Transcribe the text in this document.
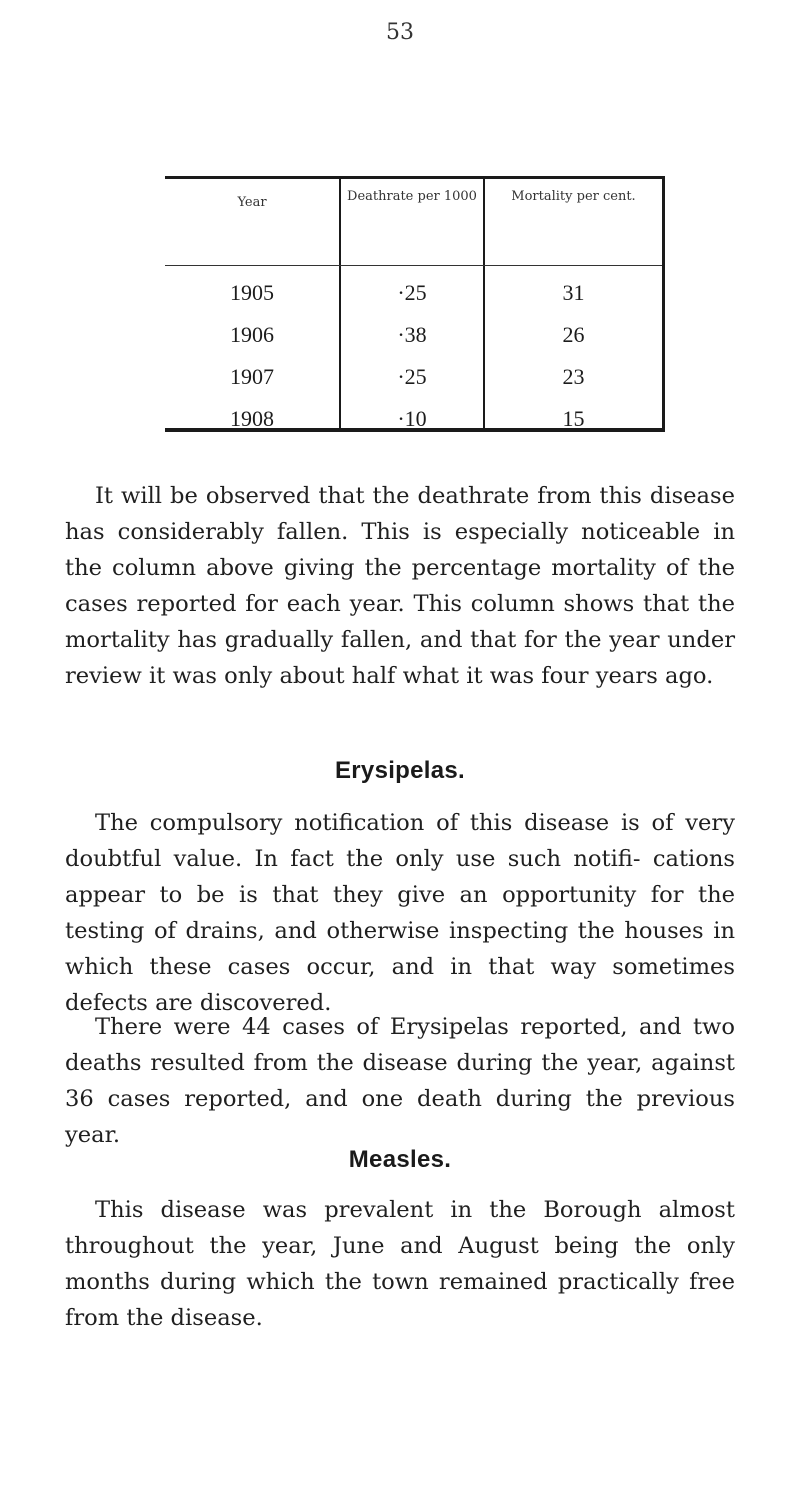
53
Year	Deathrate per 1000	Mortality per cent.
1905	·25	31
1906	·38	26
1907	·25	23
1908	·10	15

It will be observed that the deathrate from this disease has considerably fallen. This is especially noticeable in the column above giving the percentage mortality of the cases reported for each year. This column shows that the mortality has gradually fallen, and that for the year under review it was only about half what it was four years ago.

Erysipelas.

The compulsory notification of this disease is of very doubtful value. In fact the only use such notifi- cations appear to be is that they give an opportunity for the testing of drains, and otherwise inspecting the houses in which these cases occur, and in that way sometimes defects are discovered.

There were 44 cases of Erysipelas reported, and two deaths resulted from the disease during the year, against 36 cases reported, and one death during the previous year.

Measles.

This disease was prevalent in the Borough almost throughout the year, June and August being the only months during which the town remained practically free from the disease.
